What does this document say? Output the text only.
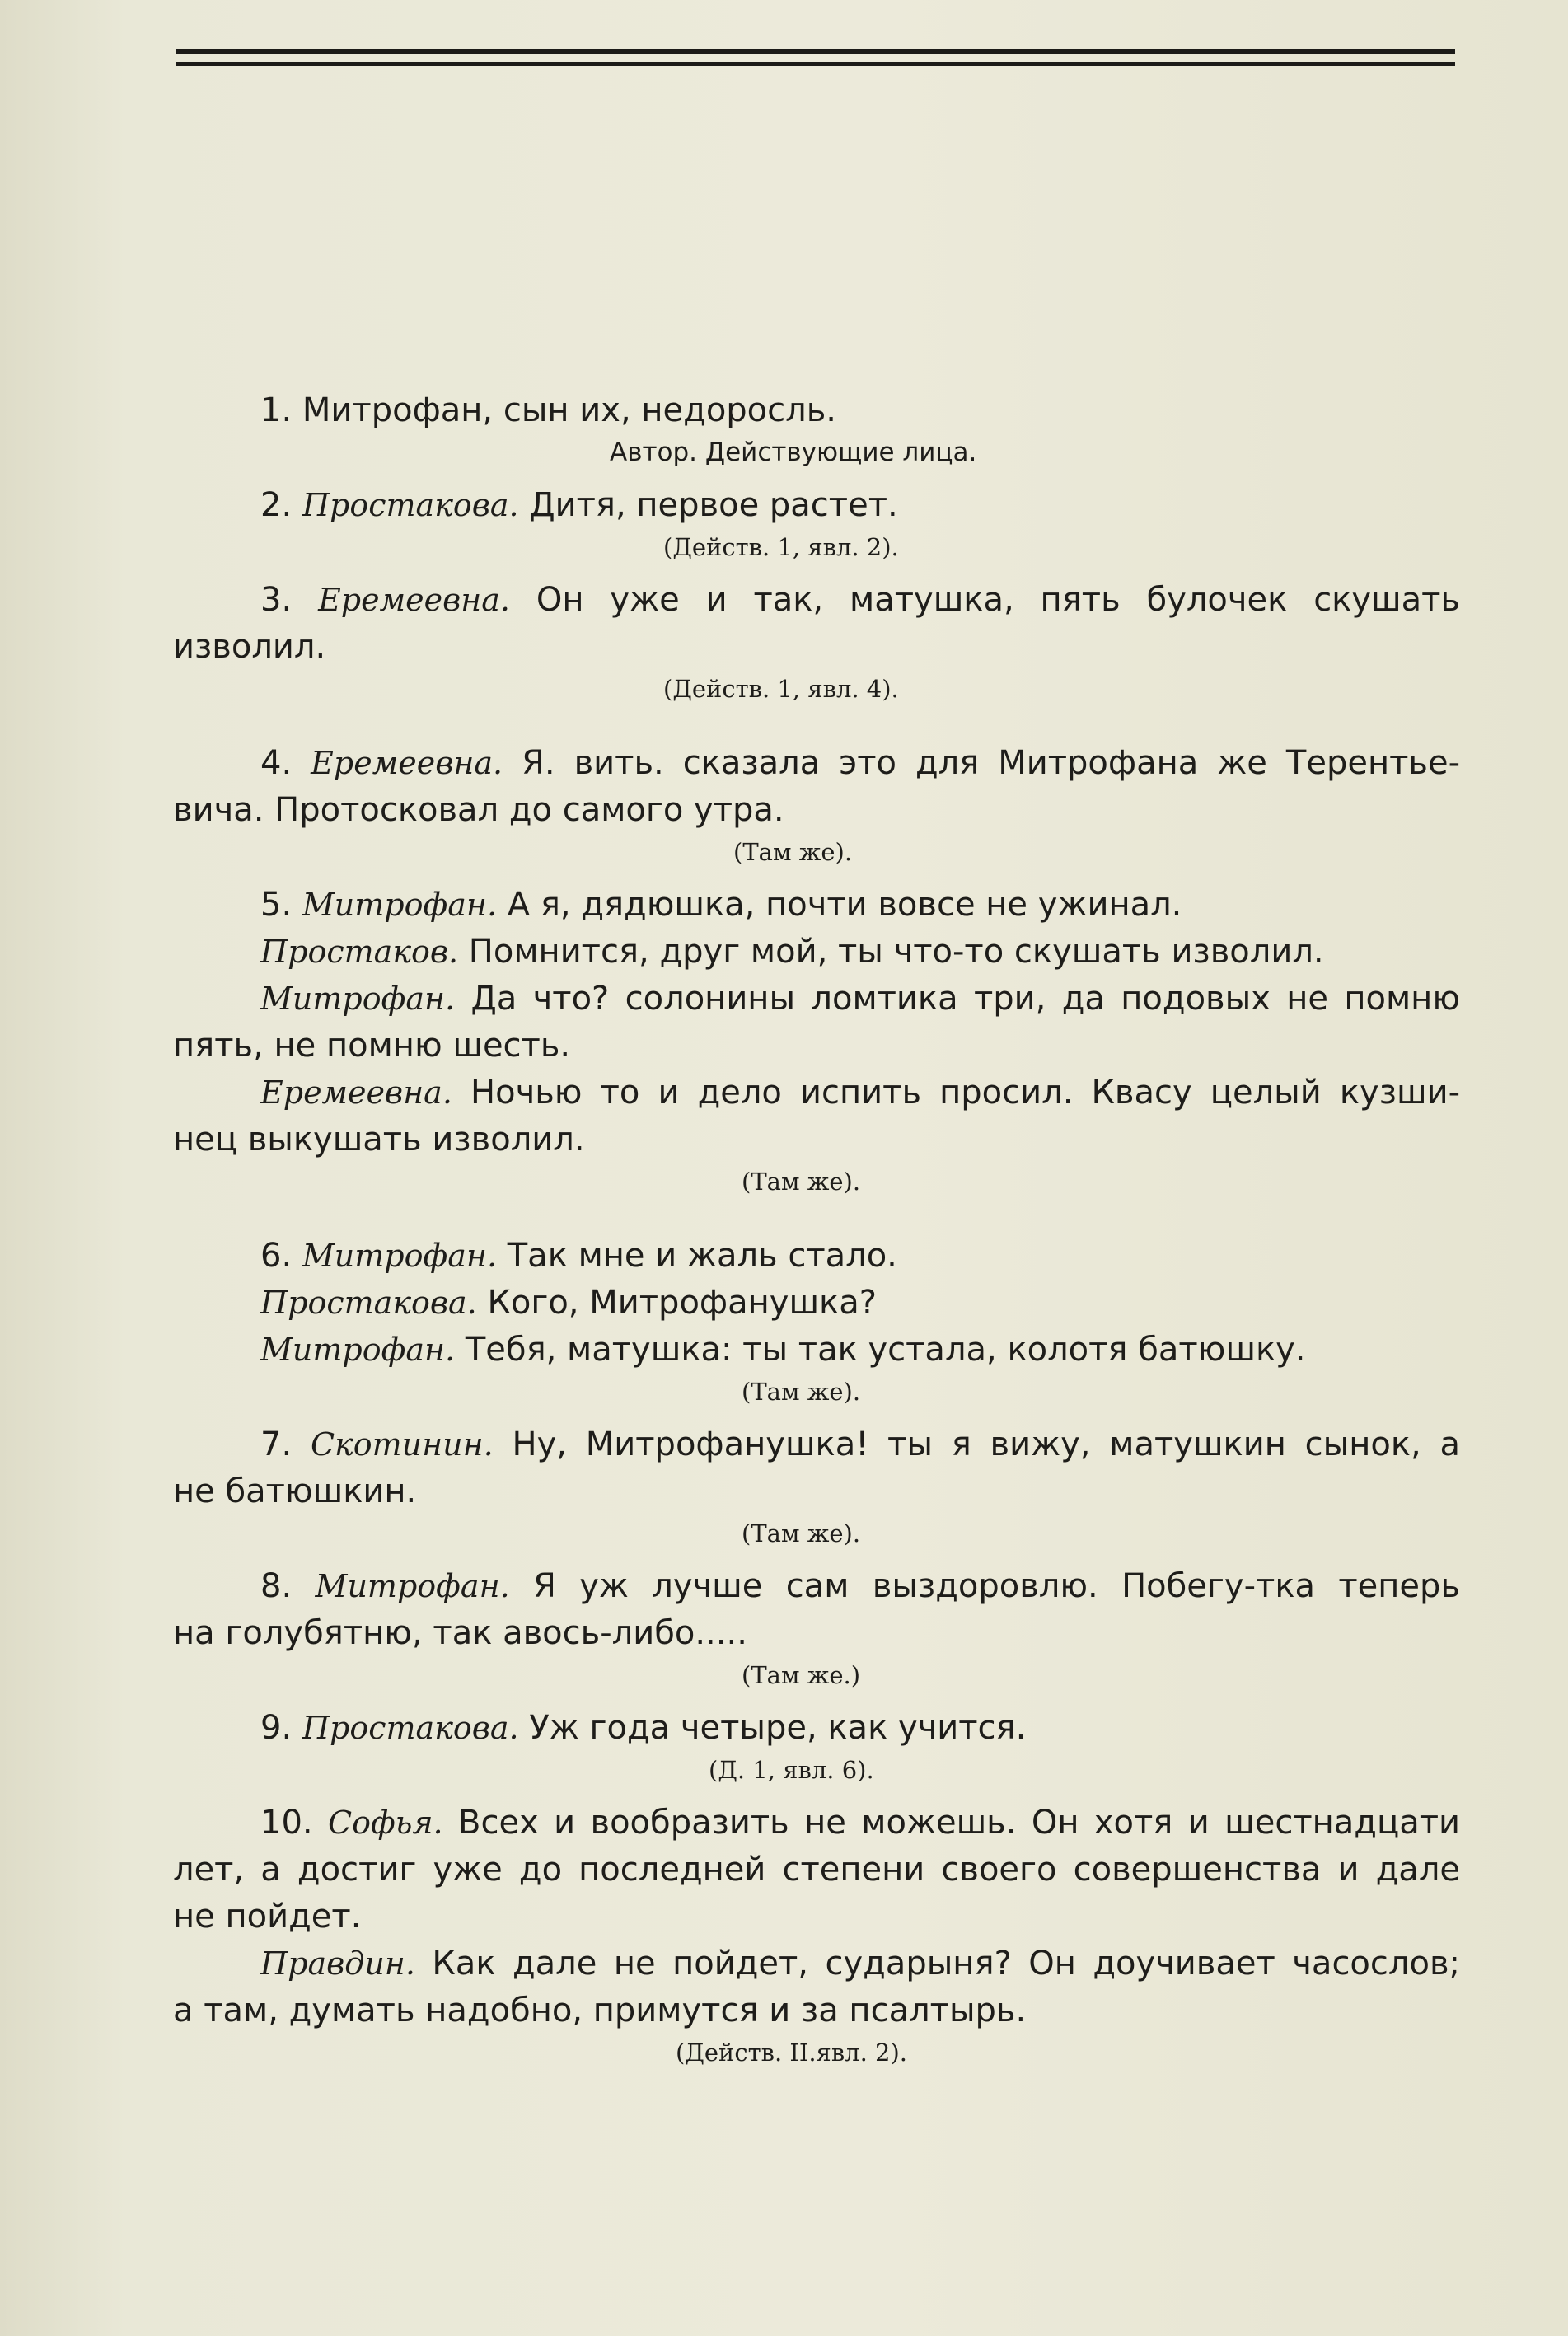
1. Митрофан, сын их, недоросль.
Автор. Действующие лица.
2. Простакова. Дитя, первое растет.
(Действ. 1, явл. 2).
3. Еремеевна. Он уже и так, матушка, пять булочек скушать
изволил.
(Действ. 1, явл. 4).
4. Еремеевна. Я. вить. сказала это для Митрофана же Терентье-
вича. Протосковал до самого утра.
(Там же).
5. Митрофан. А я, дядюшка, почти вовсе не ужинал.
Простаков. Помнится, друг мой, ты что-то скушать изволил.
Митрофан. Да что? солонины ломтика три, да подовых не помню
пять, не помню шесть.
Еремеевна. Ночью то и дело испить просил. Квасу целый кузши-
нец выкушать изволил.
(Там же).
6. Митрофан. Так мне и жаль стало.
Простакова. Кого, Митрофанушка?
Митрофан. Тебя, матушка: ты так устала, колотя батюшку.
(Там же).
7. Скотинин. Ну, Митрофанушка! ты я вижу, матушкин сынок, а
не батюшкин.
(Там же).
8. Митрофан. Я уж лучше сам выздоровлю. Побегу-тка теперь
на голубятню, так авось-либо.....
(Там же.)
9. Простакова. Уж года четыре, как учится.
(Д. 1, явл. 6).
10. Софья. Всех и вообразить не можешь. Он хотя и шестнадцати
лет, а достиг уже до последней степени своего совершенства и дале
не пойдет.
Правдин. Как дале не пойдет, сударыня? Он доучивает часослов;
а там, думать надобно, примутся и за псалтырь.
(Действ. II.явл. 2).
